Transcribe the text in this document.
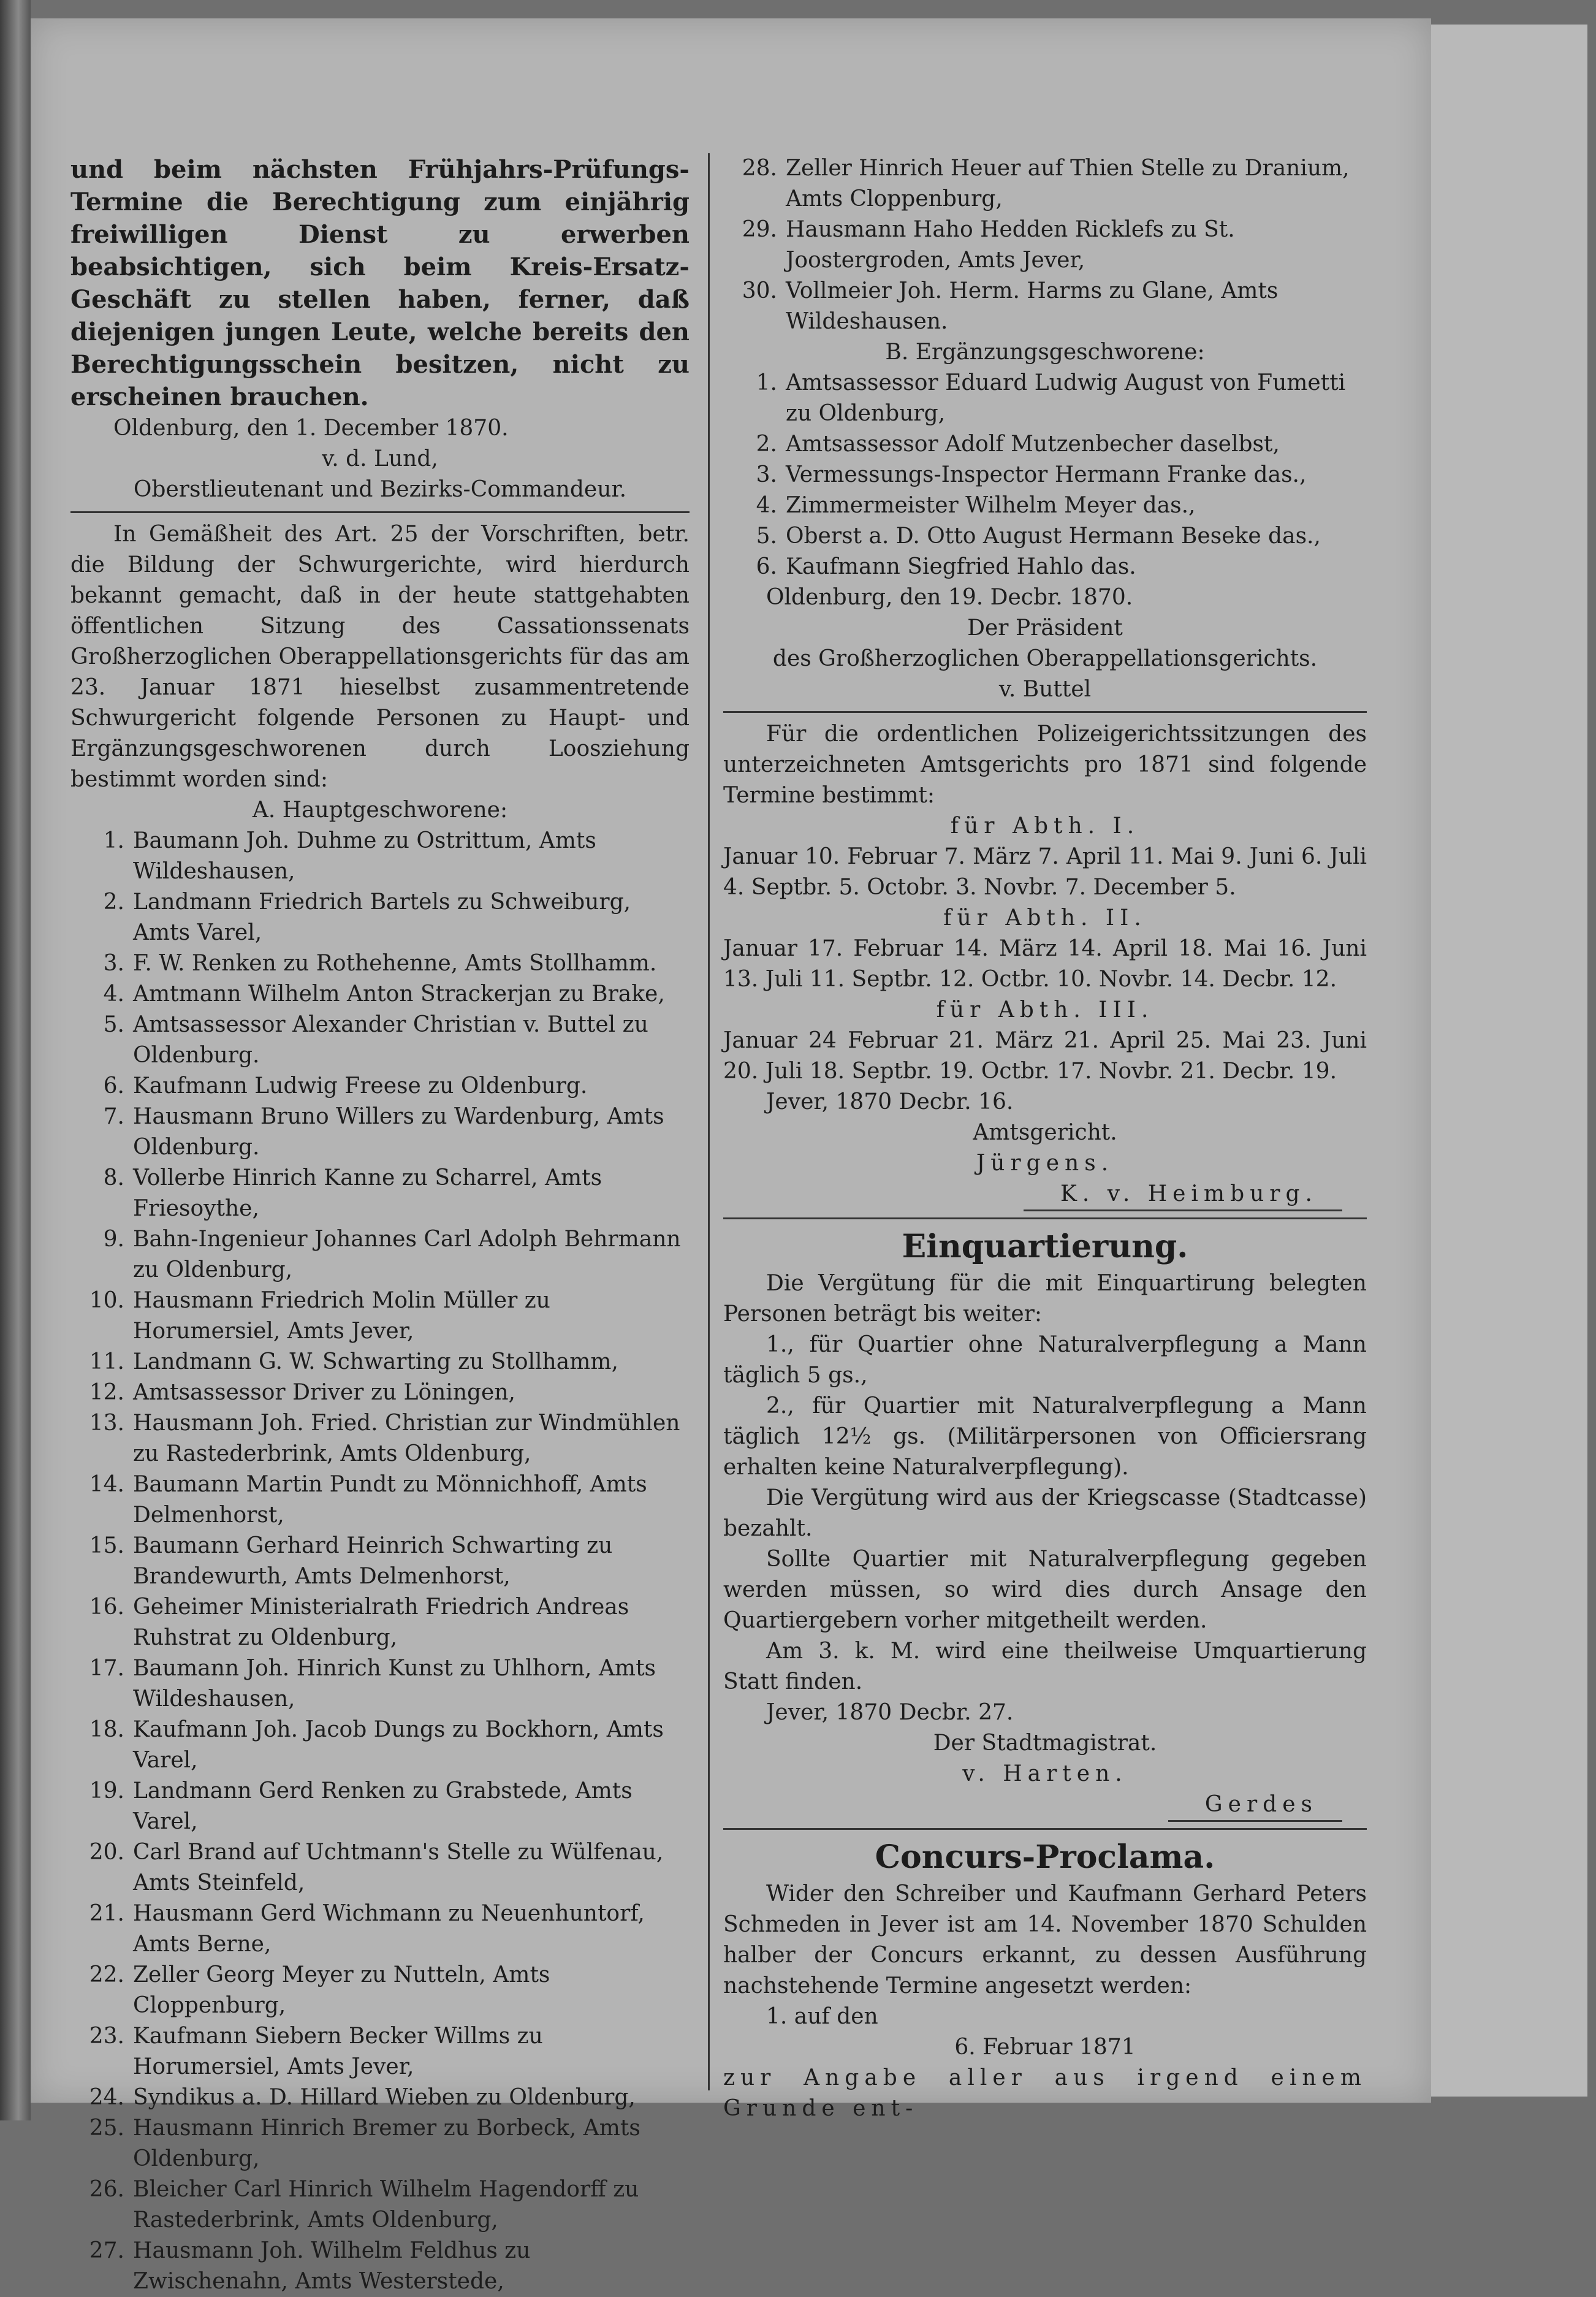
und beim nächsten Frühjahrs-Prüfungs-Termine die Berechtigung zum einjährig freiwilligen Dienst zu erwerben beabsichtigen, sich beim Kreis-Ersatz-Geschäft zu stellen haben, ferner, daß diejenigen jungen Leute, welche bereits den Berechtigungsschein besitzen, nicht zu erscheinen brauchen.

Oldenburg, den 1. December 1870.

v. d. Lund,

Oberstlieutenant und Bezirks-Commandeur.

In Gemäßheit des Art. 25 der Vorschriften, betr. die Bildung der Schwurgerichte, wird hierdurch bekannt gemacht, daß in der heute stattgehabten öffentlichen Sitzung des Cassationssenats Großherzoglichen Oberappellationsgerichts für das am 23. Januar 1871 hieselbst zusammentretende Schwurgericht folgende Personen zu Haupt- und Ergänzungsgeschworenen durch Loosziehung bestimmt worden sind:

A. Hauptgeschworene:

1. Baumann Joh. Duhme zu Ostrittum, Amts Wildeshausen,
2. Landmann Friedrich Bartels zu Schweiburg, Amts Varel,
3. F. W. Renken zu Rothehenne, Amts Stollhamm.
4. Amtmann Wilhelm Anton Strackerjan zu Brake,
5. Amtsassessor Alexander Christian v. Buttel zu Oldenburg.
6. Kaufmann Ludwig Freese zu Oldenburg.
7. Hausmann Bruno Willers zu Wardenburg, Amts Oldenburg.
8. Vollerbe Hinrich Kanne zu Scharrel, Amts Friesoythe,
9. Bahn-Ingenieur Johannes Carl Adolph Behrmann zu Oldenburg,
10. Hausmann Friedrich Molin Müller zu Horumersiel, Amts Jever,
11. Landmann G. W. Schwarting zu Stollhamm,
12. Amtsassessor Driver zu Löningen,
13. Hausmann Joh. Fried. Christian zur Windmühlen zu Rastederbrink, Amts Oldenburg,
14. Baumann Martin Pundt zu Mönnichhoff, Amts Delmenhorst,
15. Baumann Gerhard Heinrich Schwarting zu Brandewurth, Amts Delmenhorst,
16. Geheimer Ministerialrath Friedrich Andreas Ruhstrat zu Oldenburg,
17. Baumann Joh. Hinrich Kunst zu Uhlhorn, Amts Wildeshausen,
18. Kaufmann Joh. Jacob Dungs zu Bockhorn, Amts Varel,
19. Landmann Gerd Renken zu Grabstede, Amts Varel,
20. Carl Brand auf Uchtmann's Stelle zu Wülfenau, Amts Steinfeld,
21. Hausmann Gerd Wichmann zu Neuenhuntorf, Amts Berne,
22. Zeller Georg Meyer zu Nutteln, Amts Cloppenburg,
23. Kaufmann Siebern Becker Willms zu Horumersiel, Amts Jever,
24. Syndikus a. D. Hillard Wieben zu Oldenburg,
25. Hausmann Hinrich Bremer zu Borbeck, Amts Oldenburg,
26. Bleicher Carl Hinrich Wilhelm Hagendorff zu Rastederbrink, Amts Oldenburg,
27. Hausmann Joh. Wilhelm Feldhus zu Zwischenahn, Amts Westerstede,
28. Zeller Hinrich Heuer auf Thien Stelle zu Dranium, Amts Cloppenburg,
29. Hausmann Haho Hedden Ricklefs zu St. Joostergroden, Amts Jever,
30. Vollmeier Joh. Herm. Harms zu Glane, Amts Wildeshausen.

B. Ergänzungsgeschworene:

1. Amtsassessor Eduard Ludwig August von Fumetti zu Oldenburg,
2. Amtsassessor Adolf Mutzenbecher daselbst,
3. Vermessungs-Inspector Hermann Franke das.,
4. Zimmermeister Wilhelm Meyer das.,
5. Oberst a. D. Otto August Hermann Beseke das.,
6. Kaufmann Siegfried Hahlo das.

Oldenburg, den 19. Decbr. 1870.

Der Präsident

des Großherzoglichen Oberappellationsgerichts.

v. Buttel

Für die ordentlichen Polizeigerichtssitzungen des unterzeichneten Amtsgerichts pro 1871 sind folgende Termine bestimmt:

für Abth. I.

Januar 10. Februar 7. März 7. April 11. Mai 9. Juni 6. Juli 4. Septbr. 5. Octobr. 3. Novbr. 7. December 5.

für Abth. II.

Januar 17. Februar 14. März 14. April 18. Mai 16. Juni 13. Juli 11. Septbr. 12. Octbr. 10. Novbr. 14. Decbr. 12.

für Abth. III.

Januar 24 Februar 21. März 21. April 25. Mai 23. Juni 20. Juli 18. Septbr. 19. Octbr. 17. Novbr. 21. Decbr. 19.

Jever, 1870 Decbr. 16.

Amtsgericht.

Jürgens.

K. v. Heimburg.

Einquartierung.

Die Vergütung für die mit Einquartirung belegten Personen beträgt bis weiter:

1., für Quartier ohne Naturalverpflegung a Mann täglich 5 gs.,

2., für Quartier mit Naturalverpflegung a Mann täglich 12½ gs. (Militärpersonen von Officiersrang erhalten keine Naturalverpflegung).

Die Vergütung wird aus der Kriegscasse (Stadtcasse) bezahlt.

Sollte Quartier mit Naturalverpflegung gegeben werden müssen, so wird dies durch Ansage den Quartiergebern vorher mitgetheilt werden.

Am 3. k. M. wird eine theilweise Umquartierung Statt finden.

Jever, 1870 Decbr. 27.

Der Stadtmagistrat.

v. Harten.

Gerdes

Concurs-Proclama.

Wider den Schreiber und Kaufmann Gerhard Peters Schmeden in Jever ist am 14. November 1870 Schulden halber der Concurs erkannt, zu dessen Ausführung nachstehende Termine angesetzt werden:

1. auf den

6. Februar 1871

zur Angabe aller aus irgend einem Grunde ent-
